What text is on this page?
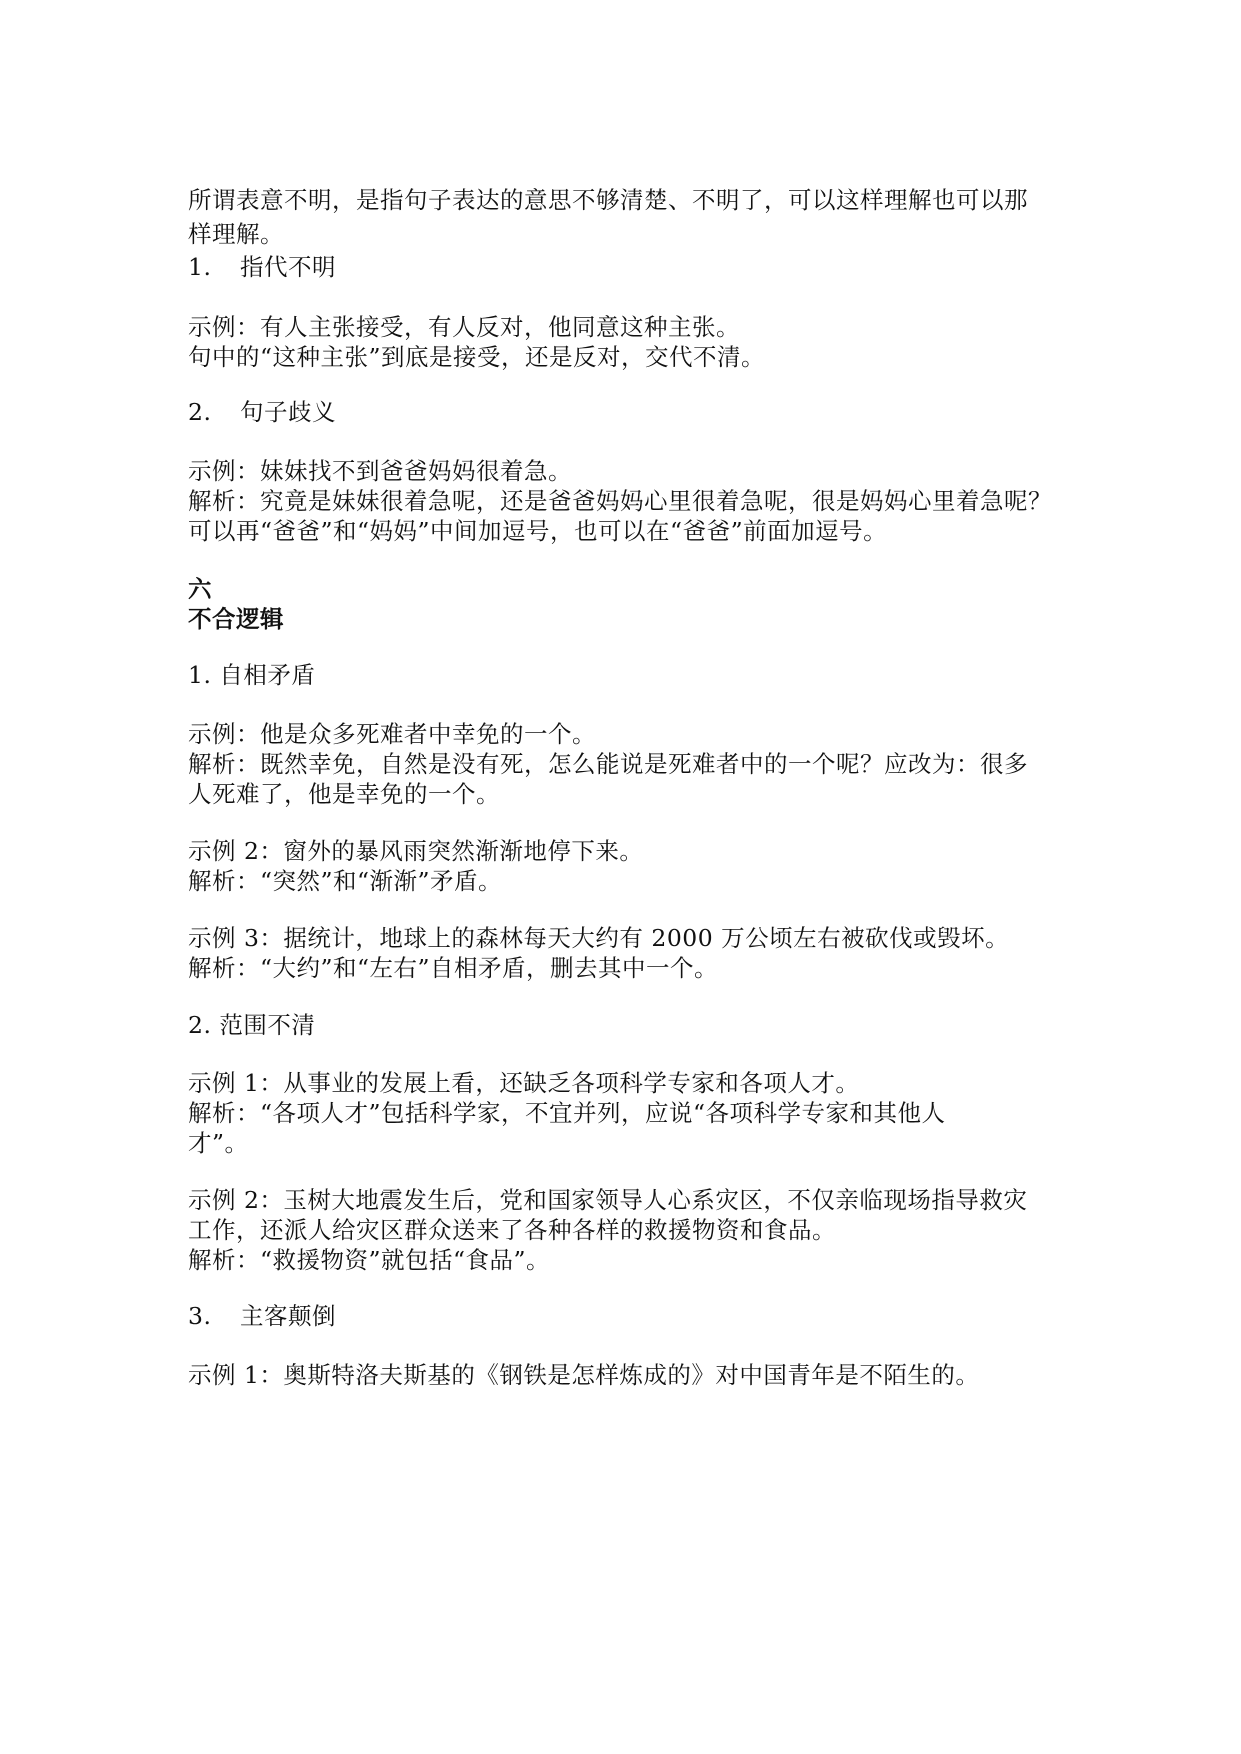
所谓表意不明，是指句子表达的意思不够清楚、不明了，可以这样理解也可以那
样理解。
1. 指代不明
示例：有人主张接受，有人反对，他同意这种主张。
句中的“这种主张”到底是接受，还是反对，交代不清。
2. 句子歧义
示例：妹妹找不到爸爸妈妈很着急。
解析：究竟是妹妹很着急呢，还是爸爸妈妈心里很着急呢，很是妈妈心里着急呢？
可以再“爸爸”和“妈妈”中间加逗号，也可以在“爸爸”前面加逗号。
六
不合逻辑
1. 自相矛盾
示例：他是众多死难者中幸免的一个。
解析：既然幸免，自然是没有死，怎么能说是死难者中的一个呢？应改为：很多
人死难了，他是幸免的一个。
示例 2：窗外的暴风雨突然渐渐地停下来。
解析：“突然”和“渐渐”矛盾。
示例 3：据统计，地球上的森林每天大约有 2000 万公顷左右被砍伐或毁坏。
解析：“大约”和“左右”自相矛盾，删去其中一个。
2. 范围不清
示例 1：从事业的发展上看，还缺乏各项科学专家和各项人才。
解析：“各项人才”包括科学家，不宜并列，应说“各项科学专家和其他人
才”。
示例 2：玉树大地震发生后，党和国家领导人心系灾区，不仅亲临现场指导救灾
工作，还派人给灾区群众送来了各种各样的救援物资和食品。
解析：“救援物资”就包括“食品”。
3. 主客颠倒
示例 1：奥斯特洛夫斯基的《钢铁是怎样炼成的》对中国青年是不陌生的。
